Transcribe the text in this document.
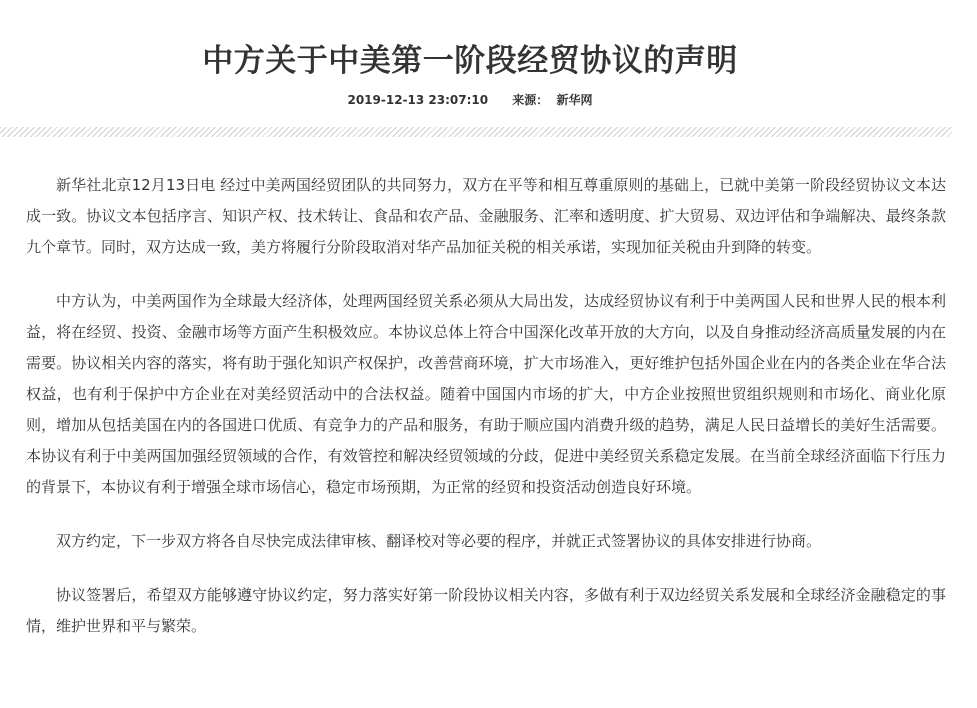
中方关于中美第一阶段经贸协议的声明
2019-12-13 23:07:10 来源： 新华网

新华社北京12月13日电 经过中美两国经贸团队的共同努力，双方在平等和相互尊重原则的基础上，已就中美第一阶段经贸协议文本达成一致。协议文本包括序言、知识产权、技术转让、食品和农产品、金融服务、汇率和透明度、扩大贸易、双边评估和争端解决、最终条款九个章节。同时，双方达成一致，美方将履行分阶段取消对华产品加征关税的相关承诺，实现加征关税由升到降的转变。

中方认为，中美两国作为全球最大经济体，处理两国经贸关系必须从大局出发，达成经贸协议有利于中美两国人民和世界人民的根本利益，将在经贸、投资、金融市场等方面产生积极效应。本协议总体上符合中国深化改革开放的大方向，以及自身推动经济高质量发展的内在需要。协议相关内容的落实，将有助于强化知识产权保护，改善营商环境，扩大市场准入，更好维护包括外国企业在内的各类企业在华合法权益，也有利于保护中方企业在对美经贸活动中的合法权益。随着中国国内市场的扩大，中方企业按照世贸组织规则和市场化、商业化原则，增加从包括美国在内的各国进口优质、有竞争力的产品和服务，有助于顺应国内消费升级的趋势，满足人民日益增长的美好生活需要。本协议有利于中美两国加强经贸领域的合作，有效管控和解决经贸领域的分歧，促进中美经贸关系稳定发展。在当前全球经济面临下行压力的背景下，本协议有利于增强全球市场信心，稳定市场预期，为正常的经贸和投资活动创造良好环境。

双方约定，下一步双方将各自尽快完成法律审核、翻译校对等必要的程序，并就正式签署协议的具体安排进行协商。

协议签署后，希望双方能够遵守协议约定，努力落实好第一阶段协议相关内容，多做有利于双边经贸关系发展和全球经济金融稳定的事情，维护世界和平与繁荣。
